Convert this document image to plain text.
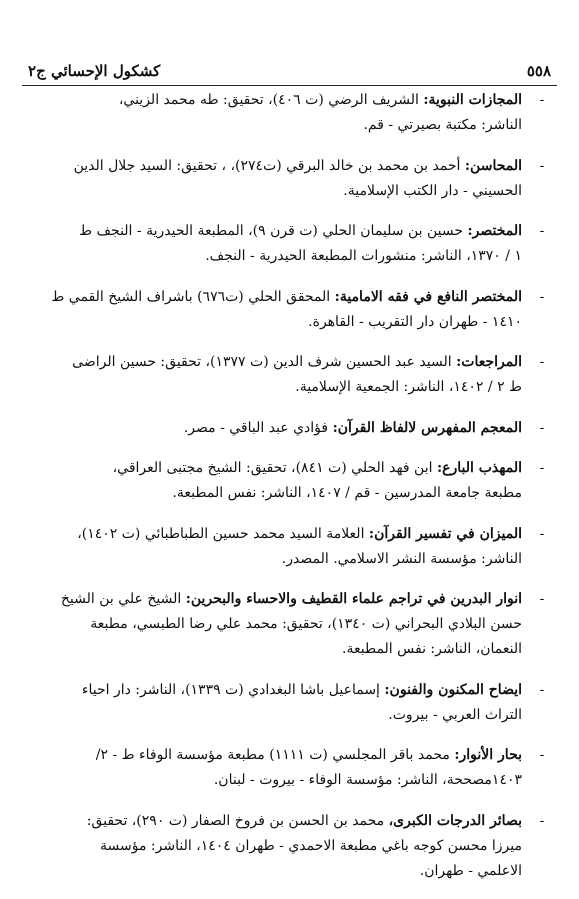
٥٥٨
كشكول الإحسائي ج٢
-
المجازات النبوية: الشريف الرضي (ت ٤٠٦)، تحقيق: طه محمد الزيني،
الناشر: مكتبة بصيرتي - قم.
-
المحاسن: أحمد بن محمد بن خالد البرقي (ت٢٧٤)، ، تحقيق: السيد جلال الدين
الحسيني - دار الكتب الإسلامية.
-
المختصر: حسين بن سليمان الحلي (ت قرن ٩)، المطبعة الحيدرية - النجف ط
١ / ١٣٧٠، الناشر: منشورات المطبعة الحيدرية - النجف.
-
المختصر النافع في فقه الامامية: المحقق الحلي (ت٦٧٦) باشراف الشيخ القمي ط
١٤١٠ - طهران دار التقريب - القاهرة.
-
المراجعات: السيد عبد الحسين شرف الدين (ت ١٣٧٧)، تحقيق: حسين الراضى
ط ٢ / ١٤٠٢، الناشر: الجمعية الإسلامية.
-
المعجم المفهرس لالفاظ القرآن: فؤادي عبد الباقي - مصر.
-
المهذب البارع: ابن فهد الحلي (ت ٨٤١)، تحقيق: الشيخ مجتبى العراقي،
مطبعة جامعة المدرسين - قم / ١٤٠٧، الناشر: نفس المطبعة.
-
الميزان في تفسير القرآن: العلامة السيد محمد حسين الطباطبائي (ت ١٤٠٢)،
الناشر: مؤسسة النشر الاسلامي. المصدر.
-
انوار البدرين في تراجم علماء القطيف والاحساء والبحرين: الشيخ علي بن الشيخ
حسن البلادي البحراني (ت ١٣٤٠)، تحقيق: محمد علي رضا الطبسي، مطبعة
النعمان، الناشر: نفس المطبعة.
-
ايضاح المكنون والفنون: إسماعيل باشا البغدادي (ت ١٣٣٩)، الناشر: دار احياء
التراث العربي - بيروت.
-
بحار الأنوار: محمد باقر المجلسي (ت ١١١١) مطبعة مؤسسة الوفاء ط - ٢/
١٤٠٣مصححة، الناشر: مؤسسة الوفاء - بيروت - لبنان.
-
بصائر الدرجات الكبرى، محمد بن الحسن بن فروخ الصفار (ت ٢٩٠)، تحقيق:
ميرزا محسن كوجه باغي مطبعة الاحمدي - طهران ١٤٠٤، الناشر: مؤسسة
الاعلمي - طهران.
